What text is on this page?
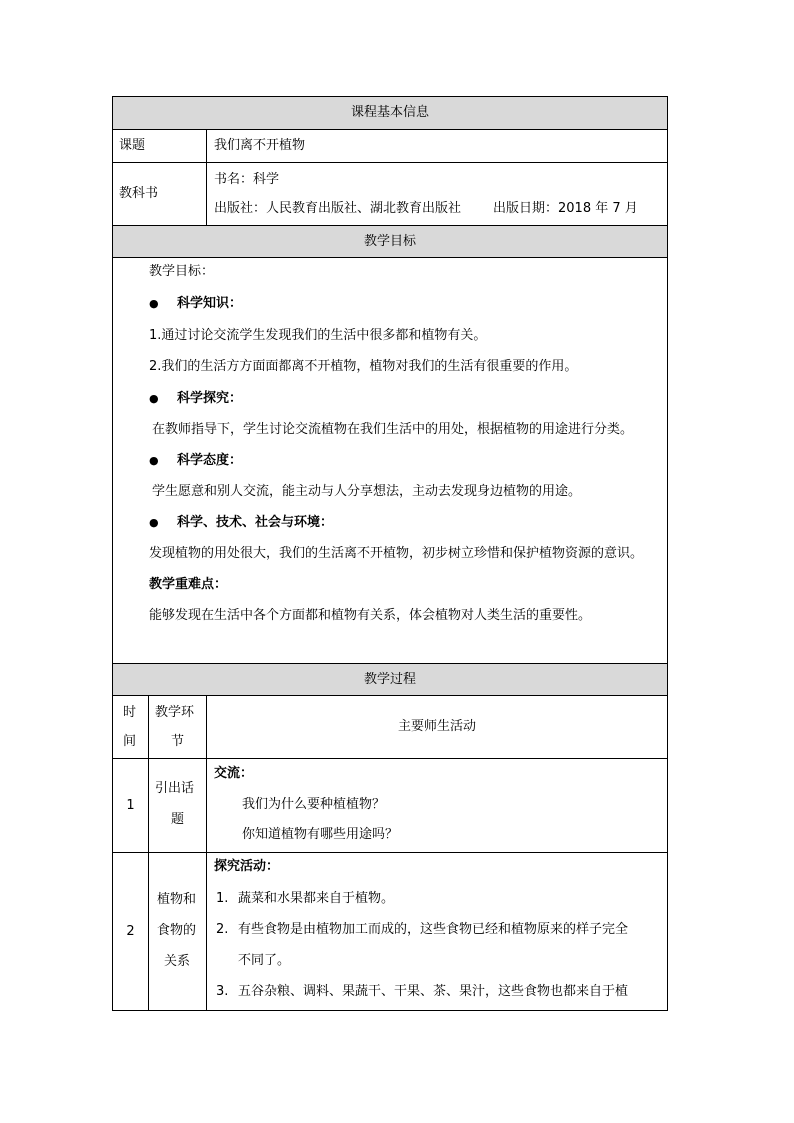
课程基本信息
课题	我们离不开植物
教科书
书名：科学
出版社：人民教育出版社、湖北教育出版社 出版日期：2018 年 7 月
教学目标
教学目标：
● 科学知识：
1.通过讨论交流学生发现我们的生活中很多都和植物有关。
2.我们的生活方方面面都离不开植物，植物对我们的生活有很重要的作用。
● 科学探究：
在教师指导下，学生讨论交流植物在我们生活中的用处，根据植物的用途进行分类。
● 科学态度：
学生愿意和别人交流，能主动与人分享想法，主动去发现身边植物的用途。
● 科学、技术、社会与环境：
发现植物的用处很大，我们的生活离不开植物，初步树立珍惜和保护植物资源的意识。
教学重难点：
能够发现在生活中各个方面都和植物有关系，体会植物对人类生活的重要性。
教学过程
时
间
教学环
节
主要师生活动
1
引出话
题
交流：
我们为什么要种植植物？
你知道植物有哪些用途吗？
2
植物和
食物的
关系
探究活动：
1. 蔬菜和水果都来自于植物。
2. 有些食物是由植物加工而成的，这些食物已经和植物原来的样子完全
不同了。
3. 五谷杂粮、调料、果蔬干、干果、茶、果汁，这些食物也都来自于植
